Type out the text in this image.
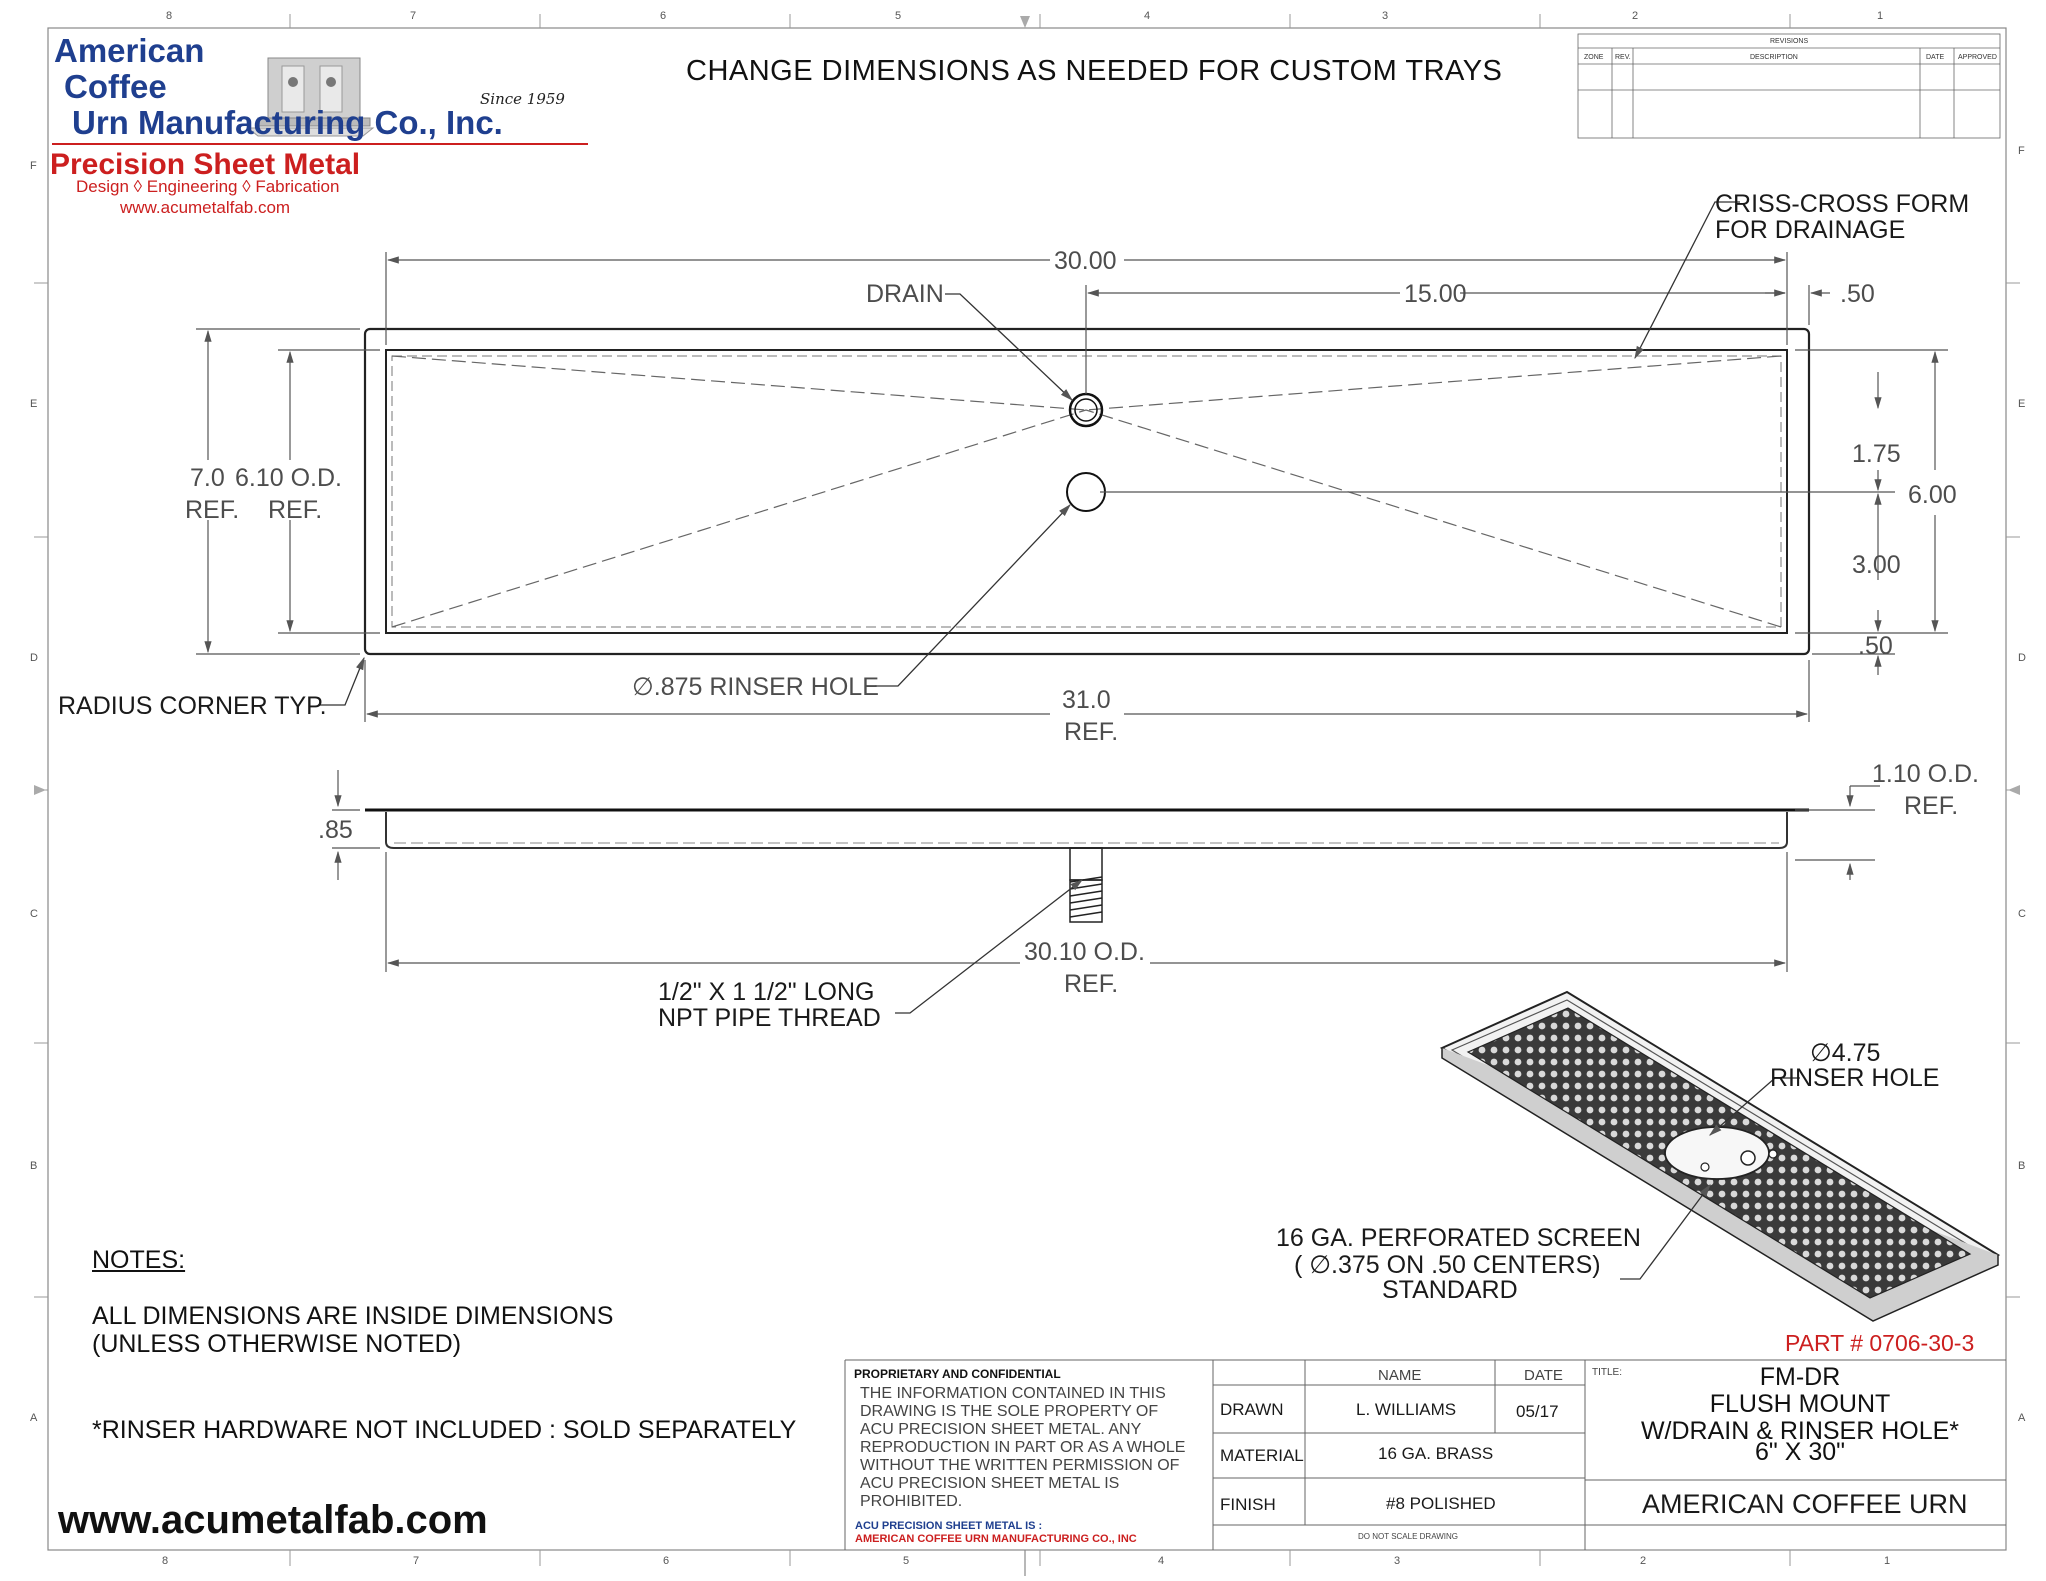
8	7	6	5	4	3	2	1
8	7	6	5	4	3	2	1
F
E
D
C
B
A
F
E
D
C
B
A
REVISIONS
ZONE REV.	DESCRIPTION	DATE APPROVED
American
Coffee
Urn Manufacturing Co., Inc.
Since 1959
Precision Sheet Metal
Design ◊ Engineering ◊ Fabrication
www.acumetalfab.com
CHANGE DIMENSIONS AS NEEDED FOR CUSTOM TRAYS
30.00
15.00	.50
DRAIN
CRISS-CROSS FORM
FOR DRAINAGE
7.0
REF.
6.10 O.D.
REF.
1.75
6.00
3.00
.50
RADIUS CORNER TYP.
∅.875 RINSER HOLE	31.0
REF.
1.10 O.D.
REF.
.85
30.10 O.D.
REF.
1/2" X 1 1/2" LONG
NPT PIPE THREAD
∅4.75
RINSER HOLE
16 GA. PERFORATED SCREEN
( ∅.375 ON .50 CENTERS)
STANDARD
PART # 0706-30-3
NOTES:
ALL DIMENSIONS ARE INSIDE DIMENSIONS
(UNLESS OTHERWISE NOTED)
*RINSER HARDWARE NOT INCLUDED : SOLD SEPARATELY
www.acumetalfab.com
PROPRIETARY AND CONFIDENTIAL
THE INFORMATION CONTAINED IN THIS
DRAWING IS THE SOLE PROPERTY OF
ACU PRECISION SHEET METAL. ANY
REPRODUCTION IN PART OR AS A WHOLE
WITHOUT THE WRITTEN PERMISSION OF
ACU PRECISION SHEET METAL IS
PROHIBITED.
ACU PRECISION SHEET METAL IS :
AMERICAN COFFEE URN MANUFACTURING CO., INC
NAME	DATE
DRAWN	L. WILLIAMS	05/17
MATERIAL	16 GA. BRASS
FINISH	#8 POLISHED
DO NOT SCALE DRAWING
TITLE:	FM-DR
FLUSH MOUNT
W/DRAIN & RINSER HOLE*
6" X 30"
AMERICAN COFFEE URN
